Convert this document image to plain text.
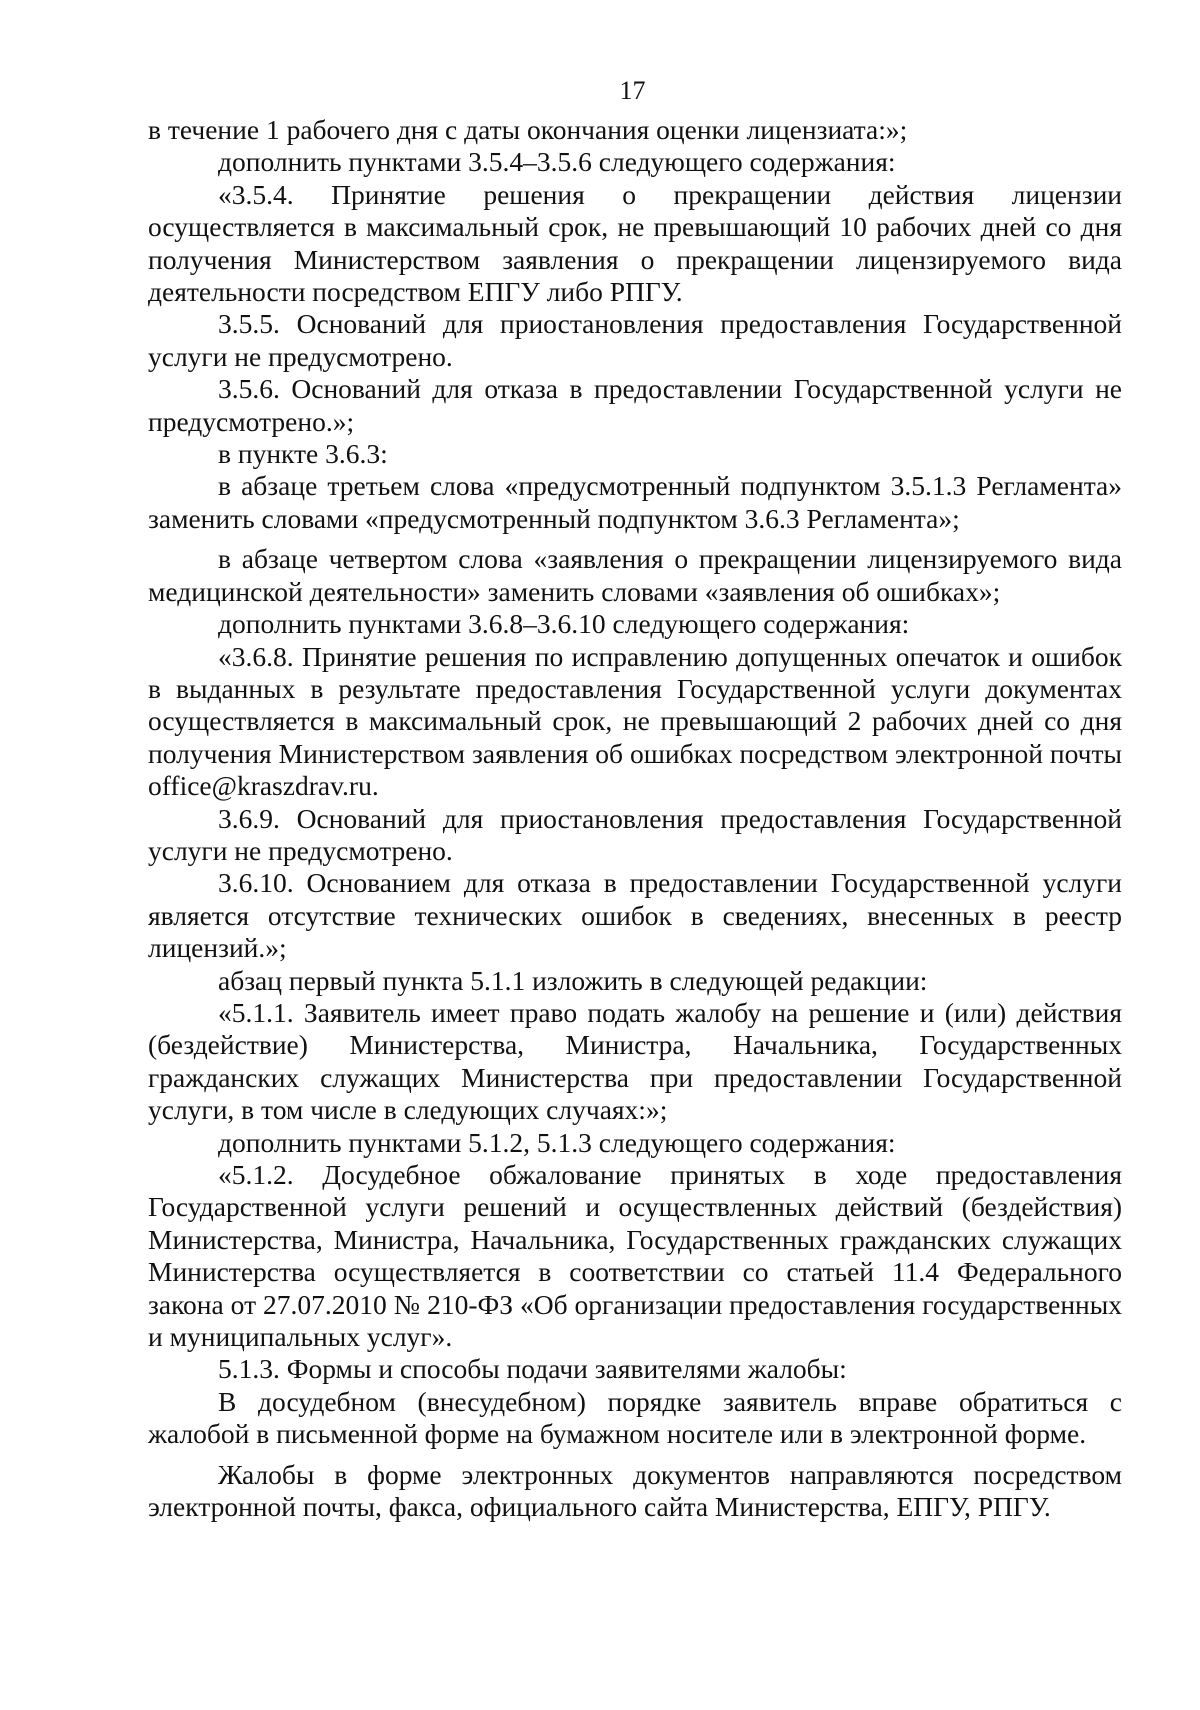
17

в течение 1 рабочего дня с даты окончания оценки лицензиата:»;

дополнить пунктами 3.5.4–3.5.6 следующего содержания:

«3.5.4. Принятие решения о прекращении действия лицензии осуществляется в максимальный срок, не превышающий 10 рабочих дней со дня получения Министерством заявления о прекращении лицензируемого вида деятельности посредством ЕПГУ либо РПГУ.

3.5.5. Оснований для приостановления предоставления Государственной услуги не предусмотрено.

3.5.6. Оснований для отказа в предоставлении Государственной услуги не предусмотрено.»;

в пункте 3.6.3:

в абзаце третьем слова «предусмотренный подпунктом 3.5.1.3 Регламента» заменить словами «предусмотренный подпунктом 3.6.3 Регламента»;

в абзаце четвертом слова «заявления о прекращении лицензируемого вида медицинской деятельности» заменить словами «заявления об ошибках»;

дополнить пунктами 3.6.8–3.6.10 следующего содержания:

«3.6.8. Принятие решения по исправлению допущенных опечаток и ошибок в выданных в результате предоставления Государственной услуги документах осуществляется в максимальный срок, не превышающий 2 рабочих дней со дня получения Министерством заявления об ошибках посредством электронной почты office@kraszdrav.ru.

3.6.9. Оснований для приостановления предоставления Государственной услуги не предусмотрено.

3.6.10. Основанием для отказа в предоставлении Государственной услуги является отсутствие технических ошибок в сведениях, внесенных в реестр лицензий.»;

абзац первый пункта 5.1.1 изложить в следующей редакции:

«5.1.1. Заявитель имеет право подать жалобу на решение и (или) действия (бездействие) Министерства, Министра, Начальника, Государственных гражданских служащих Министерства при предоставлении Государственной услуги, в том числе в следующих случаях:»;

дополнить пунктами 5.1.2, 5.1.3 следующего содержания:

«5.1.2. Досудебное обжалование принятых в ходе предоставления Государственной услуги решений и осуществленных действий (бездействия) Министерства, Министра, Начальника, Государственных гражданских служащих Министерства осуществляется в соответствии со статьей 11.4 Федерального закона от 27.07.2010 № 210-ФЗ «Об организации предоставления государственных и муниципальных услуг».

5.1.3. Формы и способы подачи заявителями жалобы:

В досудебном (внесудебном) порядке заявитель вправе обратиться с жалобой в письменной форме на бумажном носителе или в электронной форме.

Жалобы в форме электронных документов направляются посредством электронной почты, факса, официального сайта Министерства, ЕПГУ, РПГУ.
